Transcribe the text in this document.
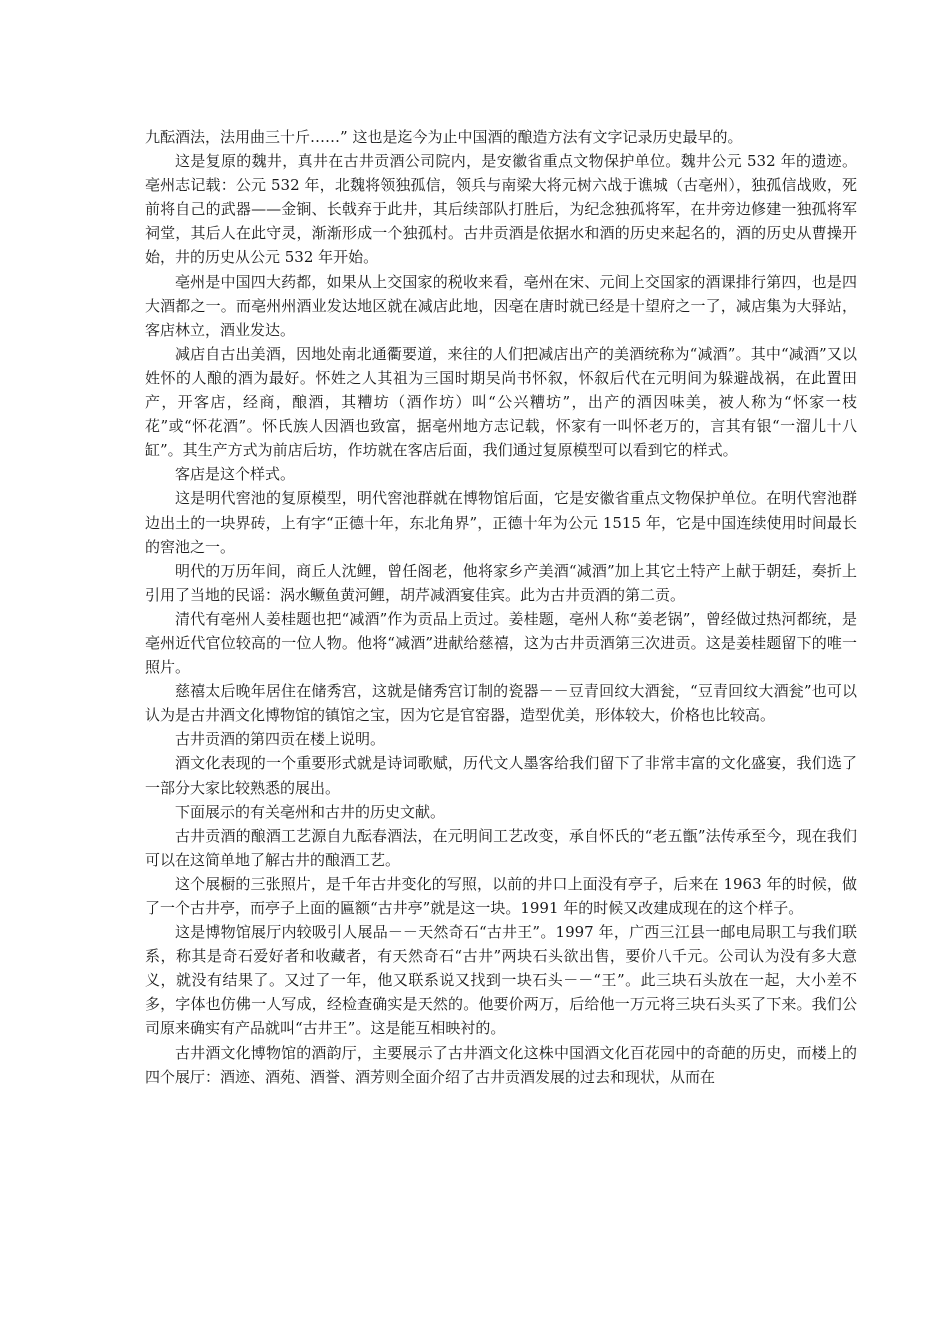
九酝酒法，法用曲三十斤……” 这也是迄今为止中国酒的酿造方法有文字记录历史最早的。

这是复原的魏井，真井在古井贡酒公司院内，是安徽省重点文物保护单位。魏井公元 532 年的遗迹。亳州志记载：公元 532 年，北魏将领独孤信，领兵与南梁大将元树六战于谯城（古亳州），独孤信战败，死前将自己的武器——金锏、长戟弃于此井，其后续部队打胜后，为纪念独孤将军，在井旁边修建一独孤将军祠堂，其后人在此守灵，渐渐形成一个独孤村。古井贡酒是依据水和酒的历史来起名的，酒的历史从曹操开始，井的历史从公元 532 年开始。

亳州是中国四大药都，如果从上交国家的税收来看，亳州在宋、元间上交国家的酒课排行第四，也是四大酒都之一。而亳州州酒业发达地区就在减店此地，因亳在唐时就已经是十望府之一了，减店集为大驿站，客店林立，酒业发达。

减店自古出美酒，因地处南北通衢要道，来往的人们把减店出产的美酒统称为“减酒”。其中“减酒”又以姓怀的人酿的酒为最好。怀姓之人其祖为三国时期吴尚书怀叙，怀叙后代在元明间为躲避战祸，在此置田产，开客店，经商，酿酒，其糟坊（酒作坊）叫“公兴糟坊”，出产的酒因味美，被人称为“怀家一枝花”或“怀花酒”。怀氏族人因酒也致富，据亳州地方志记载，怀家有一叫怀老万的，言其有银“一溜儿十八缸”。其生产方式为前店后坊，作坊就在客店后面，我们通过复原模型可以看到它的样式。

客店是这个样式。

这是明代窖池的复原模型，明代窖池群就在博物馆后面，它是安徽省重点文物保护单位。在明代窖池群边出土的一块界砖，上有字“正德十年，东北角界”，正德十年为公元 1515 年，它是中国连续使用时间最长的窖池之一。

明代的万历年间，商丘人沈鲤，曾任阁老，他将家乡产美酒“减酒”加上其它土特产上献于朝廷，奏折上引用了当地的民谣：涡水鳜鱼黄河鲤，胡芹减酒宴佳宾。此为古井贡酒的第二贡。

清代有亳州人姜桂题也把“减酒”作为贡品上贡过。姜桂题，亳州人称“姜老锅”，曾经做过热河都统，是亳州近代官位较高的一位人物。他将“减酒”进献给慈禧，这为古井贡酒第三次进贡。这是姜桂题留下的唯一照片。

慈禧太后晚年居住在储秀宫，这就是储秀宫订制的瓷器－－豆青回纹大酒瓮，“豆青回纹大酒瓮”也可以认为是古井酒文化博物馆的镇馆之宝，因为它是官窑器，造型优美，形体较大，价格也比较高。

古井贡酒的第四贡在楼上说明。

酒文化表现的一个重要形式就是诗词歌赋，历代文人墨客给我们留下了非常丰富的文化盛宴，我们选了一部分大家比较熟悉的展出。

下面展示的有关亳州和古井的历史文献。

古井贡酒的酿酒工艺源自九酝春酒法，在元明间工艺改变，承自怀氏的“老五甑”法传承至今，现在我们可以在这简单地了解古井的酿酒工艺。

这个展橱的三张照片，是千年古井变化的写照，以前的井口上面没有亭子，后来在 1963 年的时候，做了一个古井亭，而亭子上面的匾额“古井亭”就是这一块。1991 年的时候又改建成现在的这个样子。

这是博物馆展厅内较吸引人展品－－天然奇石“古井王”。1997 年，广西三江县一邮电局职工与我们联系，称其是奇石爱好者和收藏者，有天然奇石“古井”两块石头欲出售，要价八千元。公司认为没有多大意义，就没有结果了。又过了一年，他又联系说又找到一块石头－－“王”。此三块石头放在一起，大小差不多，字体也仿佛一人写成，经检查确实是天然的。他要价两万，后给他一万元将三块石头买了下来。我们公司原来确实有产品就叫“古井王”。这是能互相映衬的。

古井酒文化博物馆的酒韵厅，主要展示了古井酒文化这株中国酒文化百花园中的奇葩的历史，而楼上的四个展厅：酒迹、酒苑、酒誉、酒芳则全面介绍了古井贡酒发展的过去和现状，从而在
